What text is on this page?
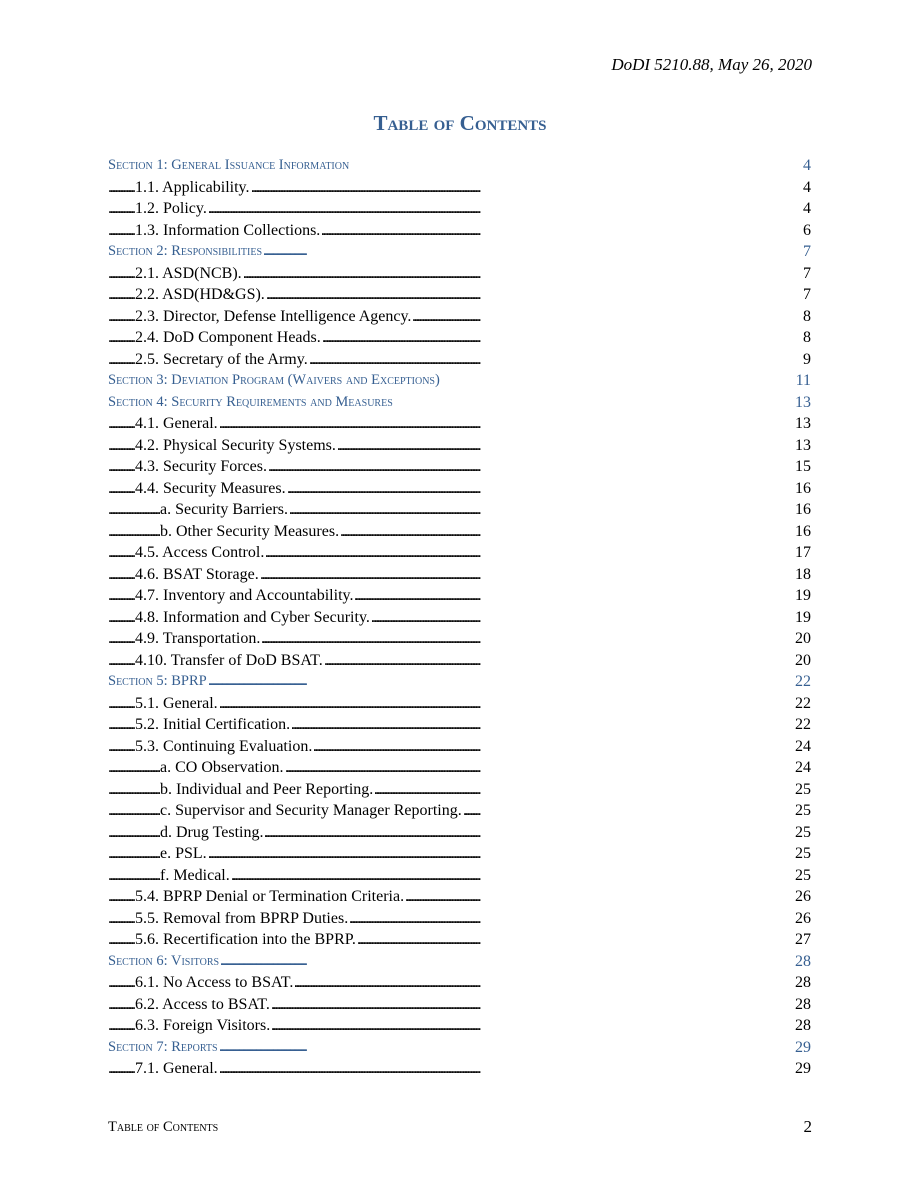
DoDI 5210.88, May 26, 2020
Table of Contents
Section 1: General Issuance Information	4
. . .
1.1. Applicability.	4
. . .
1.2. Policy.	4
. . .
1.3. Information Collections.	6
. . .
Section 2: Responsibilities	7
. . .
2.1. ASD(NCB).	7
. . .
2.2. ASD(HD&GS).	7
. . .
2.3. Director, Defense Intelligence Agency.	8
. . .
2.4. DoD Component Heads.	8
. . .
2.5. Secretary of the Army.	9
. . .
Section 3: Deviation Program (Waivers and Exceptions)	11
. . .
Section 4: Security Requirements and Measures	13
. . .
4.1. General.	13
. . .
4.2. Physical Security Systems.	13
. . .
4.3. Security Forces.	15
. . .
4.4. Security Measures.	16
. . .
a. Security Barriers.	16
. . .
b. Other Security Measures.	16
. . .
4.5. Access Control.	17
. . .
4.6. BSAT Storage.	18
. . .
4.7. Inventory and Accountability.	19
. . .
4.8. Information and Cyber Security.	19
. . .
4.9. Transportation.	20
. . .
4.10. Transfer of DoD BSAT.	20
. . .
Section 5: BPRP	22
. . .
5.1. General.	22
. . .
5.2. Initial Certification.	22
. . .
5.3. Continuing Evaluation.	24
. . .
a. CO Observation.	24
. . .
b. Individual and Peer Reporting.	25
. . .
c. Supervisor and Security Manager Reporting.	25
. . .
d. Drug Testing.	25
. . .
e. PSL.	25
. . .
f. Medical.	25
. . .
5.4. BPRP Denial or Termination Criteria.	26
. . .
5.5. Removal from BPRP Duties.	26
. . .
5.6. Recertification into the BPRP.	27
. . .
Section 6: Visitors	28
. . .
6.1. No Access to BSAT.	28
. . .
6.2. Access to BSAT.	28
. . .
6.3. Foreign Visitors.	28
. . .
Section 7: Reports	29
. . .
7.1. General.	29
. . .
Table of Contents	2
